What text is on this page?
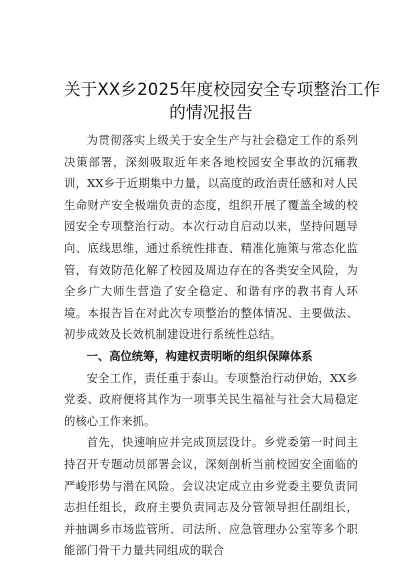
关于XX乡2025年度校园安全专项整治工作
的情况报告

为贯彻落实上级关于安全生产与社会稳定工作的系列决策部署，深刻吸取近年来各地校园安全事故的沉痛教训，XX乡于近期集中力量，以高度的政治责任感和对人民生命财产安全极端负责的态度，组织开展了覆盖全域的校园安全专项整治行动。本次行动自启动以来，坚持问题导向、底线思维，通过系统性排查、精准化施策与常态化监管，有效防范化解了校园及周边存在的各类安全风险，为全乡广大师生营造了安全稳定、和谐有序的教书育人环境。本报告旨在对此次专项整治的整体情况、主要做法、初步成效及长效机制建设进行系统性总结。

一、高位统筹，构建权责明晰的组织保障体系

安全工作，责任重于泰山。专项整治行动伊始，XX乡党委、政府便将其作为一项事关民生福祉与社会大局稳定的核心工作来抓。

首先，快速响应并完成顶层设计。乡党委第一时间主持召开专题动员部署会议，深刻剖析当前校园安全面临的严峻形势与潜在风险。会议决定成立由乡党委主要负责同志担任组长，政府主要负责同志及分管领导担任副组长，并抽调乡市场监管所、司法所、应急管理办公室等多个职能部门骨干力量共同组成的联合
